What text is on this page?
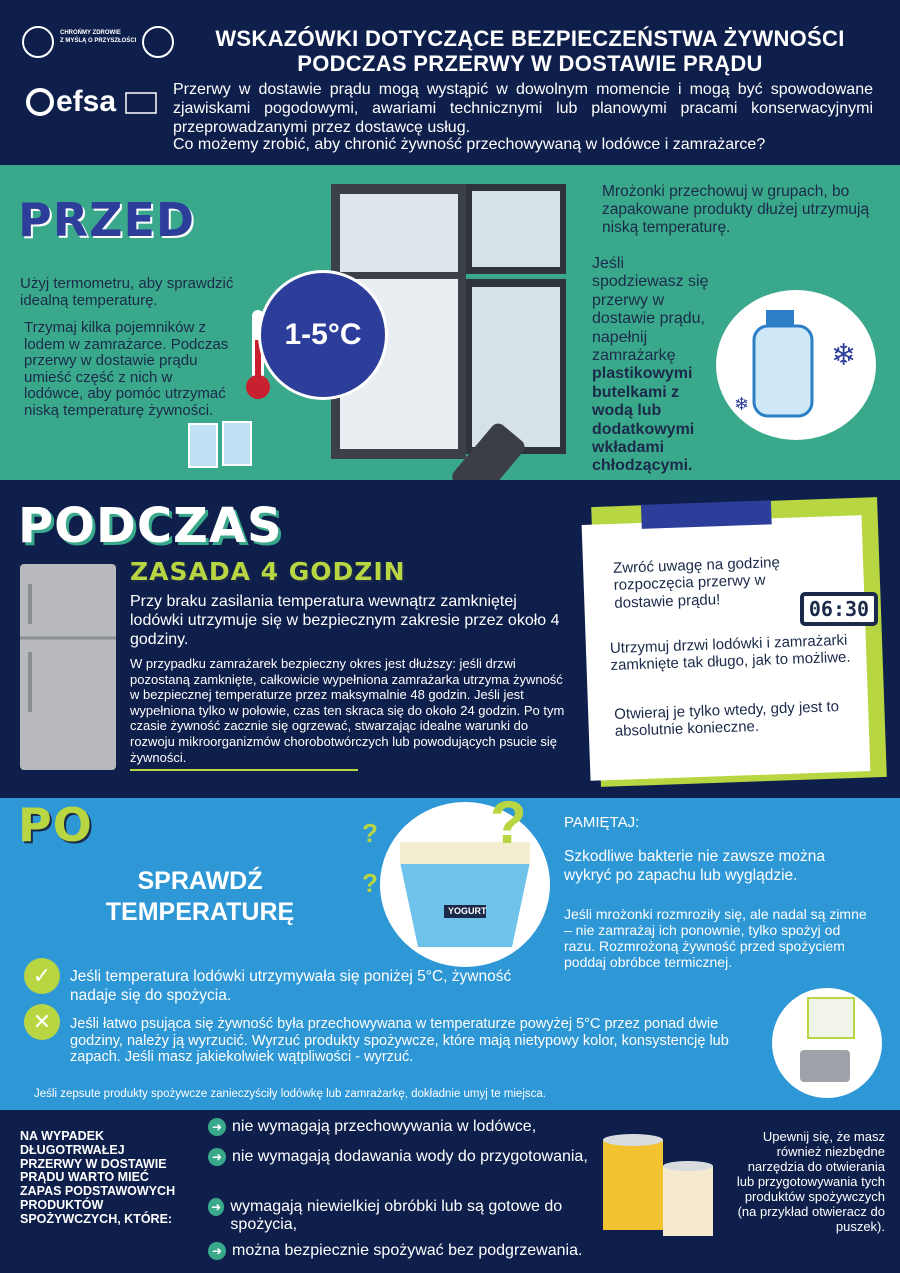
CHROŃMY ZDROWIE
Z MYŚLĄ O PRZYSZŁOŚCI	WSKAZÓWKI DOTYCZĄCE BEZPIECZEŃSTWA ŻYWNOŚCI
PODCZAS PRZERWY W DOSTAWIE PRĄDU
efsa	Przerwy w dostawie prądu mogą wystąpić w dowolnym momencie i mogą być spowodowane zjawiskami pogodowymi, awariami technicznymi lub planowymi pracami konserwacyjnymi przeprowadzanymi przez dostawcę usług.

Co możemy zrobić, aby chronić żywność przechowywaną w lodówce i zamrażarce?

PRZED

Użyj termometru, aby sprawdzić idealną temperaturę.

Trzymaj kilka pojemników z lodem w zamrażarce. Podczas przerwy w dostawie prądu umieść część z nich w lodówce, aby pomóc utrzymać niską temperaturę żywności.

1-5°C

Mrożonki przechowuj w grupach, bo zapakowane produkty dłużej utrzymują niską temperaturę.

Jeśli spodziewasz się przerwy w dostawie prądu, napełnij zamrażarkę plastikowymi butelkami z wodą lub dodatkowymi wkładami chłodzącymi.

❄
❄
PODCZAS
ZASADA 4 GODZIN

Przy braku zasilania temperatura wewnątrz zamkniętej lodówki utrzymuje się w bezpiecznym zakresie przez około 4 godziny.

W przypadku zamrażarek bezpieczny okres jest dłuższy: jeśli drzwi pozostaną zamknięte, całkowicie wypełniona zamrażarka utrzyma żywność w bezpiecznej temperaturze przez maksymalnie 48 godzin. Jeśli jest wypełniona tylko w połowie, czas ten skraca się do około 24 godzin. Po tym czasie żywność zacznie się ogrzewać, stwarzając idealne warunki do rozwoju mikroorganizmów chorobotwórczych lub powodujących psucie się żywności.

Zwróć uwagę na godzinę rozpoczęcia przerwy w dostawie prądu!

Utrzymuj drzwi lodówki i zamrażarki zamknięte tak długo, jak to możliwe.

Otwieraj je tylko wtedy, gdy jest to absolutnie konieczne.

06:30
PO
SPRAWDŹ
TEMPERATURĘ	YOGURT
?
?
? PAMIĘTAJ:

Szkodliwe bakterie nie zawsze można wykryć po zapachu lub wyglądzie.

Jeśli mrożonki rozmroziły się, ale nadal są zimne – nie zamrażaj ich ponownie, tylko spożyj od razu. Rozmrożoną żywność przed spożyciem poddaj obróbce termicznej.

✓	Jeśli temperatura lodówki utrzymywała się poniżej 5°C, żywność nadaje się do spożycia.

✕	Jeśli łatwo psująca się żywność była przechowywana w temperaturze powyżej 5°C przez ponad dwie godziny, należy ją wyrzucić. Wyrzuć produkty spożywcze, które mają nietypowy kolor, konsystencję lub zapach. Jeśli masz jakiekolwiek wątpliwości - wyrzuć.

Jeśli zepsute produkty spożywcze zanieczyściły lodówkę lub zamrażarkę, dokładnie umyj te miejsca.

NA WYPADEK DŁUGOTRWAŁEJ PRZERWY W DOSTAWIE PRĄDU WARTO MIEĆ ZAPAS PODSTAWOWYCH PRODUKTÓW SPOŻYWCZYCH, KTÓRE:

➜ nie wymagają przechowywania w lodówce,
➜ nie wymagają dodawania wody do przygotowania,
➜ wymagają niewielkiej obróbki lub są gotowe do spożycia,
➜ można bezpiecznie spożywać bez podgrzewania.

Upewnij się, że masz również niezbędne narzędzia do otwierania lub przygotowywania tych produktów spożywczych (na przykład otwieracz do puszek).
